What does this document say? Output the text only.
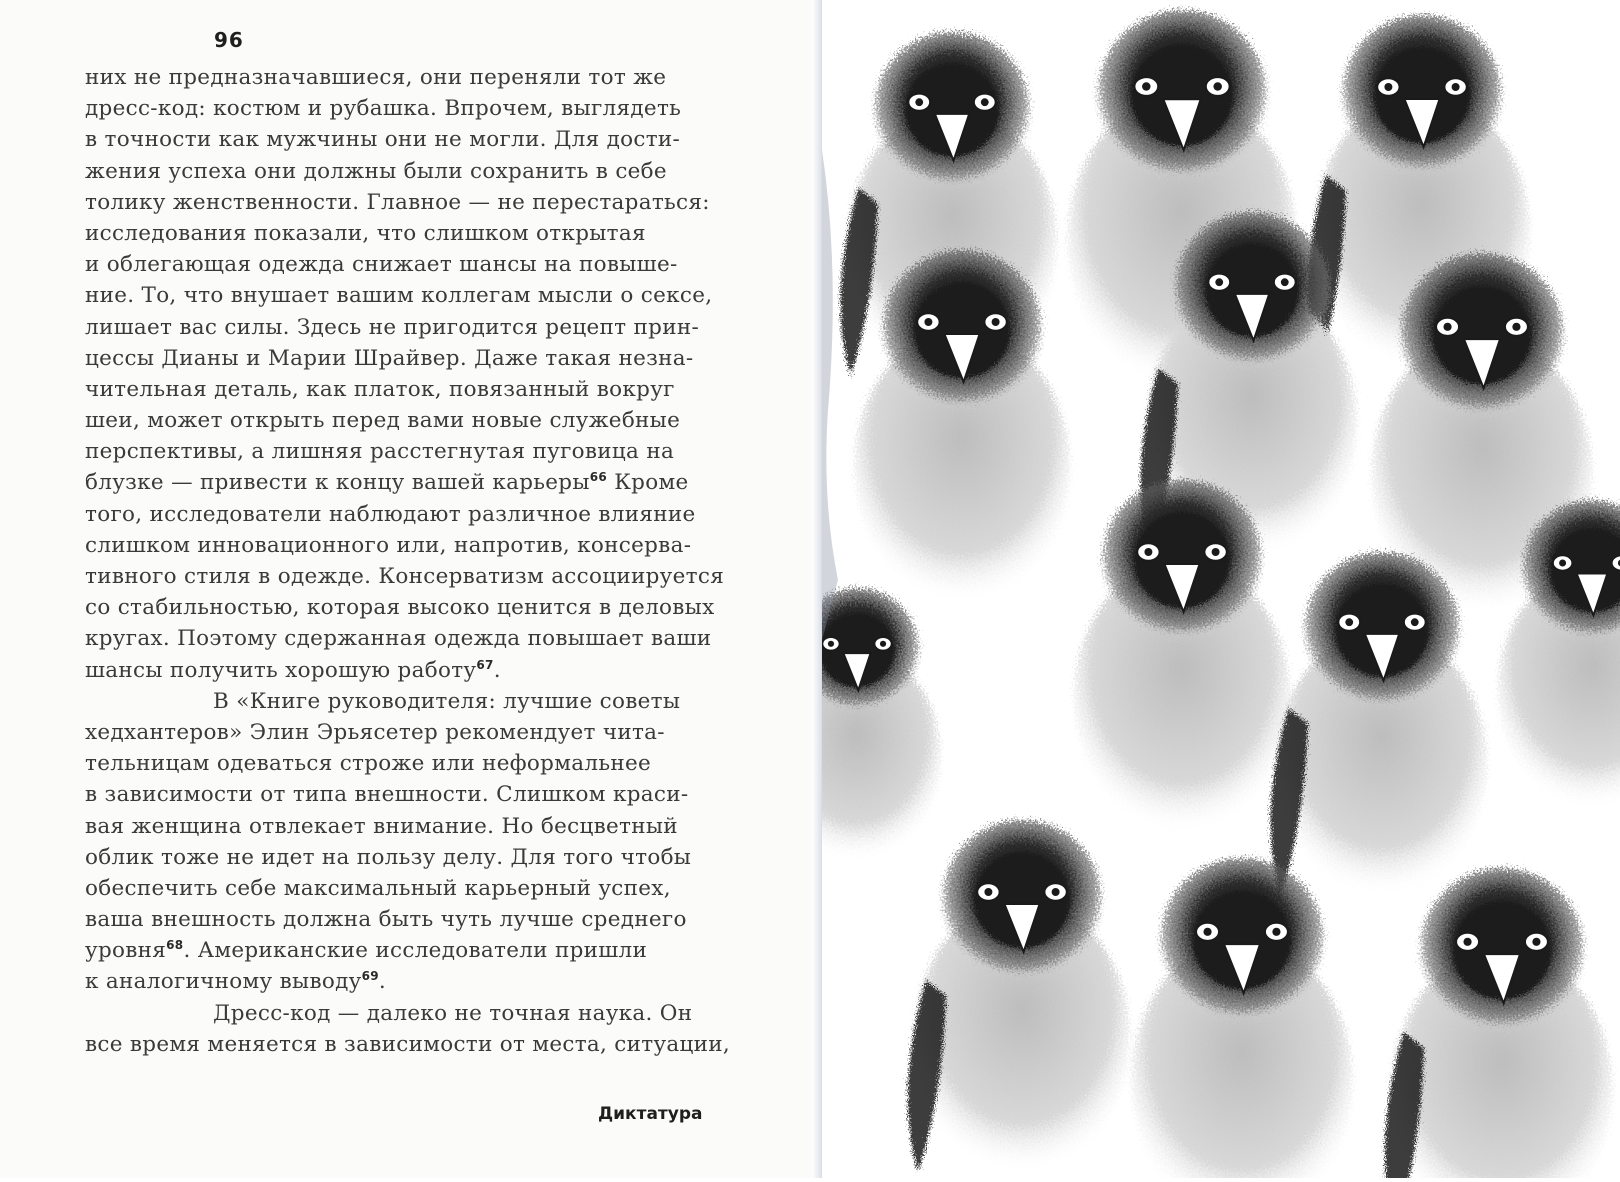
96
них не предназначавшиеся, они переняли тот же
дресс-код: костюм и рубашка. Впрочем, выглядеть
в точности как мужчины они не могли. Для дости-
жения успеха они должны были сохранить в себе
толику женственности. Главное — не перестараться:
исследования показали, что слишком открытая
и облегающая одежда снижает шансы на повыше-
ние. То, что внушает вашим коллегам мысли о сексе,
лишает вас силы. Здесь не пригодится рецепт прин-
цессы Дианы и Марии Шрайвер. Даже такая незна-
чительная деталь, как платок, повязанный вокруг
шеи, может открыть перед вами новые служебные
перспективы, а лишняя расстегнутая пуговица на
блузке — привести к концу вашей карьеры$^{66}$ Кроме
того, исследователи наблюдают различное влияние
слишком инновационного или, напротив, консерва-
тивного стиля в одежде. Консерватизм ассоциируется
со стабильностью, которая высоко ценится в деловых
кругах. Поэтому сдержанная одежда повышает ваши
шансы получить хорошую работу$^{67}$.
В «Книге руководителя: лучшие советы
хедхантеров» Элин Эрьясетер рекомендует чита-
тельницам одеваться строже или неформальнее
в зависимости от типа внешности. Слишком краси-
вая женщина отвлекает внимание. Но бесцветный
облик тоже не идет на пользу делу. Для того чтобы
обеспечить себе максимальный карьерный успех,
ваша внешность должна быть чуть лучше среднего
уровня$^{68}$. Американские исследователи пришли
к аналогичному выводу$^{69}$.
Дресс-код — далеко не точная наука. Он
все время меняется в зависимости от места, ситуации,
Диктатура
